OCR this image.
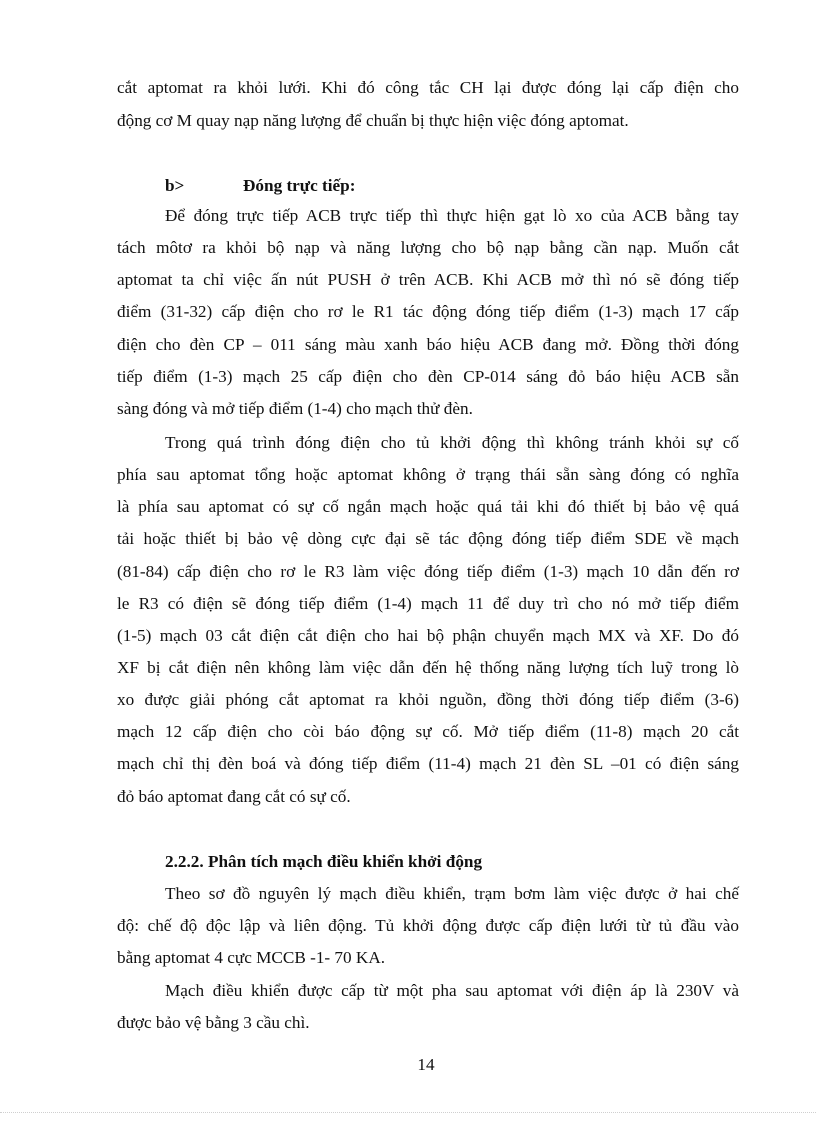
cắt aptomat ra khỏi lưới. Khi đó công tắc CH lại được đóng lại cấp điện cho
động cơ M quay nạp năng lượng để chuẩn bị thực hiện việc đóng aptomat.
b>	Đóng trực tiếp:
Để đóng trực tiếp ACB trực tiếp thì thực hiện gạt lò xo của ACB bằng tay
tách môtơ ra khỏi bộ nạp và năng lượng cho bộ nạp bằng cần nạp. Muốn cắt
aptomat ta chỉ việc ấn nút PUSH ở trên ACB. Khi ACB mở thì nó sẽ đóng tiếp
điểm (31-32) cấp điện cho rơ le R1 tác động đóng tiếp điểm (1-3) mạch 17 cấp
điện cho đèn CP – 011 sáng màu xanh báo hiệu ACB đang mở. Đồng thời đóng
tiếp điểm (1-3) mạch 25 cấp điện cho đèn CP-014 sáng đỏ báo hiệu ACB sẵn
sàng đóng và mở tiếp điểm (1-4) cho mạch thử đèn.
Trong quá trình đóng điện cho tủ khởi động thì không tránh khỏi sự cố
phía sau aptomat tổng hoặc aptomat không ở trạng thái sẵn sàng đóng có nghĩa
là phía sau aptomat có sự cố ngắn mạch hoặc quá tải khi đó thiết bị bảo vệ quá
tải hoặc thiết bị bảo vệ dòng cực đại sẽ tác động đóng tiếp điểm SDE về mạch
(81-84) cấp điện cho rơ le R3 làm việc đóng tiếp điểm (1-3) mạch 10 dẫn đến rơ
le R3 có điện sẽ đóng tiếp điểm (1-4) mạch 11 để duy trì cho nó mở tiếp điểm
(1-5) mạch 03 cắt điện cắt điện cho hai bộ phận chuyển mạch MX và XF. Do đó
XF bị cắt điện nên không làm việc dẫn đến hệ thống năng lượng tích luỹ trong lò
xo được giải phóng cắt aptomat ra khỏi nguồn, đồng thời đóng tiếp điểm (3-6)
mạch 12 cấp điện cho còi báo động sự cố. Mở tiếp điểm (11-8) mạch 20 cắt
mạch chỉ thị đèn boá và đóng tiếp điểm (11-4) mạch 21 đèn SL –01 có điện sáng
đỏ báo aptomat đang cắt có sự cố.
2.2.2. Phân tích mạch điều khiển khởi động
Theo sơ đồ nguyên lý mạch điều khiển, trạm bơm làm việc được ở hai chế
độ: chế độ độc lập và liên động. Tủ khởi động được cấp điện lưới từ tủ đầu vào
bằng aptomat 4 cực MCCB -1- 70 KA.
Mạch điều khiển được cấp từ một pha sau aptomat với điện áp là 230V và
được bảo vệ bằng 3 cầu chì.
14
